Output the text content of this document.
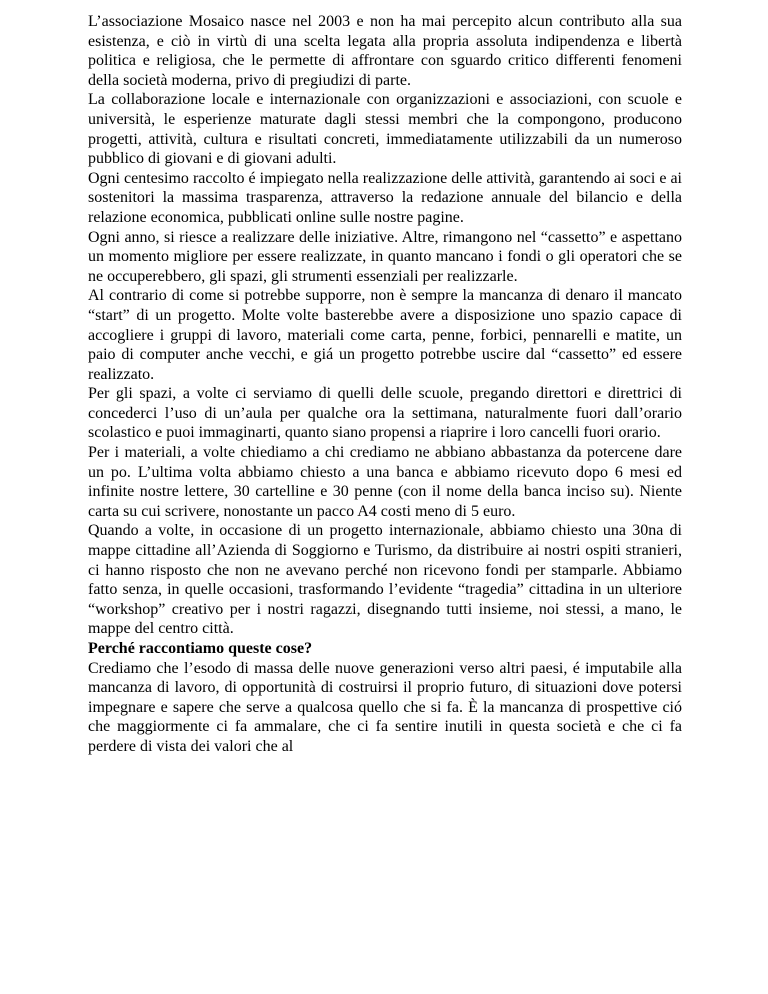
L’associazione Mosaico nasce nel 2003 e non ha mai percepito alcun contributo alla sua esistenza, e ciò in virtù di una scelta legata alla propria assoluta indipendenza e libertà politica e religiosa, che le permette di affrontare con sguardo critico differenti fenomeni della società moderna, privo di pregiudizi di parte.

La collaborazione locale e internazionale con organizzazioni e associazioni, con scuole e università, le esperienze maturate dagli stessi membri che la compongono, producono progetti, attività, cultura e risultati concreti, immediatamente utilizzabili da un numeroso pubblico di giovani e di giovani adulti.

Ogni centesimo raccolto é impiegato nella realizzazione delle attività, garantendo ai soci e ai sostenitori la massima trasparenza, attraverso la redazione annuale del bilancio e della relazione economica, pubblicati online sulle nostre pagine.

Ogni anno, si riesce a realizzare delle iniziative. Altre, rimangono nel “cassetto” e aspettano un momento migliore per essere realizzate, in quanto mancano i fondi o gli operatori che se ne occuperebbero, gli spazi, gli strumenti essenziali per realizzarle.

Al contrario di come si potrebbe supporre, non è sempre la mancanza di denaro il mancato “start” di un progetto. Molte volte basterebbe avere a disposizione uno spazio capace di accogliere i gruppi di lavoro, materiali come carta, penne, forbici, pennarelli e matite, un paio di computer anche vecchi, e giá un progetto potrebbe uscire dal “cassetto” ed essere realizzato.

Per gli spazi, a volte ci serviamo di quelli delle scuole, pregando direttori e direttrici di concederci l’uso di un’aula per qualche ora la settimana, naturalmente fuori dall’orario scolastico e puoi immaginarti, quanto siano propensi a riaprire i loro cancelli fuori orario.

Per i materiali, a volte chiediamo a chi crediamo ne abbiano abbastanza da potercene dare un po. L’ultima volta abbiamo chiesto a una banca e abbiamo ricevuto dopo 6 mesi ed infinite nostre lettere, 30 cartelline e 30 penne (con il nome della banca inciso su). Niente carta su cui scrivere, nonostante un pacco A4 costi meno di 5 euro.

Quando a volte, in occasione di un progetto internazionale, abbiamo chiesto una 30na di mappe cittadine all’Azienda di Soggiorno e Turismo, da distribuire ai nostri ospiti stranieri, ci hanno risposto che non ne avevano perché non ricevono fondi per stamparle. Abbiamo fatto senza, in quelle occasioni, trasformando l’evidente “tragedia” cittadina in un ulteriore “workshop” creativo per i nostri ragazzi, disegnando tutti insieme, noi stessi, a mano, le mappe del centro città.

Perché raccontiamo queste cose?

Crediamo che l’esodo di massa delle nuove generazioni verso altri paesi, é imputabile alla mancanza di lavoro, di opportunità di costruirsi il proprio futuro, di situazioni dove potersi impegnare e sapere che serve a qualcosa quello che si fa. È la mancanza di prospettive ció che maggiormente ci fa ammalare, che ci fa sentire inutili in questa società e che ci fa perdere di vista dei valori che al
